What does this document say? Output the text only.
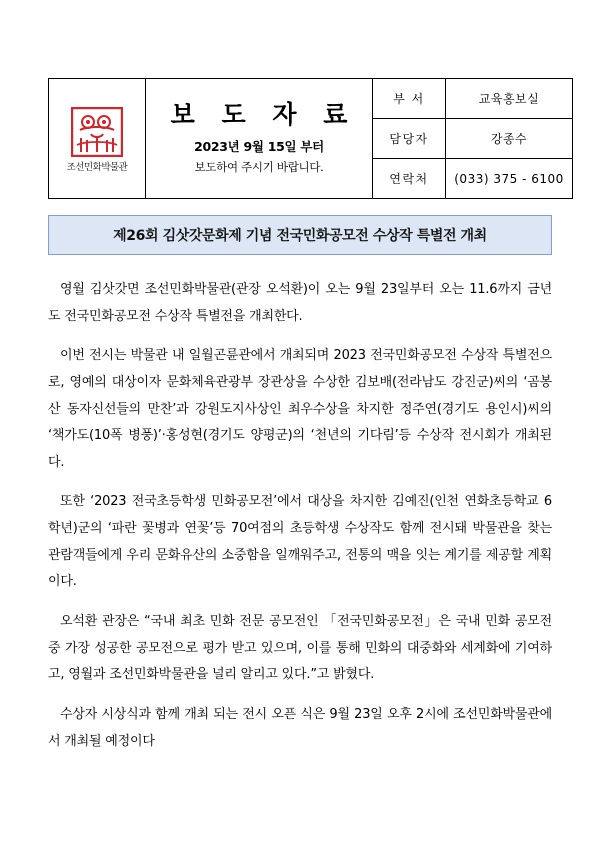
조선민화박물관	보 도 자 료
2023년 9월 15일 부터
보도하여 주시기 바랍니다.	부 서	교육홍보실
		담당자	강종수
		연락처	(033) 375 - 6100
제26회 김삿갓문화제 기념 전국민화공모전 수상작 특별전 개최

영월 김삿갓면 조선민화박물관(관장 오석환)이 오는 9월 23일부터 오는 11.6까지 금년도 전국민화공모전 수상작 특별전을 개최한다.

이번 전시는 박물관 내 일월곤륜관에서 개최되며 2023 전국민화공모전 수상작 특별전으로, 영예의 대상이자 문화체육관광부 장관상을 수상한 김보배(전라남도 강진군)씨의 ‘곰봉산 동자신선들의 만찬’과 강원도지사상인 최우수상을 차지한 정주연(경기도 용인시)씨의 ‘책가도(10폭 병풍)’·홍성현(경기도 양평군)의 ‘천년의 기다림’등 수상작 전시회가 개최된다.

또한 ‘2023 전국초등학생 민화공모전’에서 대상을 차지한 김예진(인천 연화초등학교 6학년)군의 ‘파란 꽃병과 연꽃’등 70여점의 초등학생 수상작도 함께 전시돼 박물관을 찾는 관람객들에게 우리 문화유산의 소중함을 일깨워주고, 전통의 맥을 잇는 계기를 제공할 계획이다.

오석환 관장은 “국내 최초 민화 전문 공모전인 「전국민화공모전」은 국내 민화 공모전 중 가장 성공한 공모전으로 평가 받고 있으며, 이를 통해 민화의 대중화와 세계화에 기여하고, 영월과 조선민화박물관을 널리 알리고 있다.”고 밝혔다.

수상자 시상식과 함께 개최 되는 전시 오픈 식은 9월 23일 오후 2시에 조선민화박물관에서 개최될 예정이다
